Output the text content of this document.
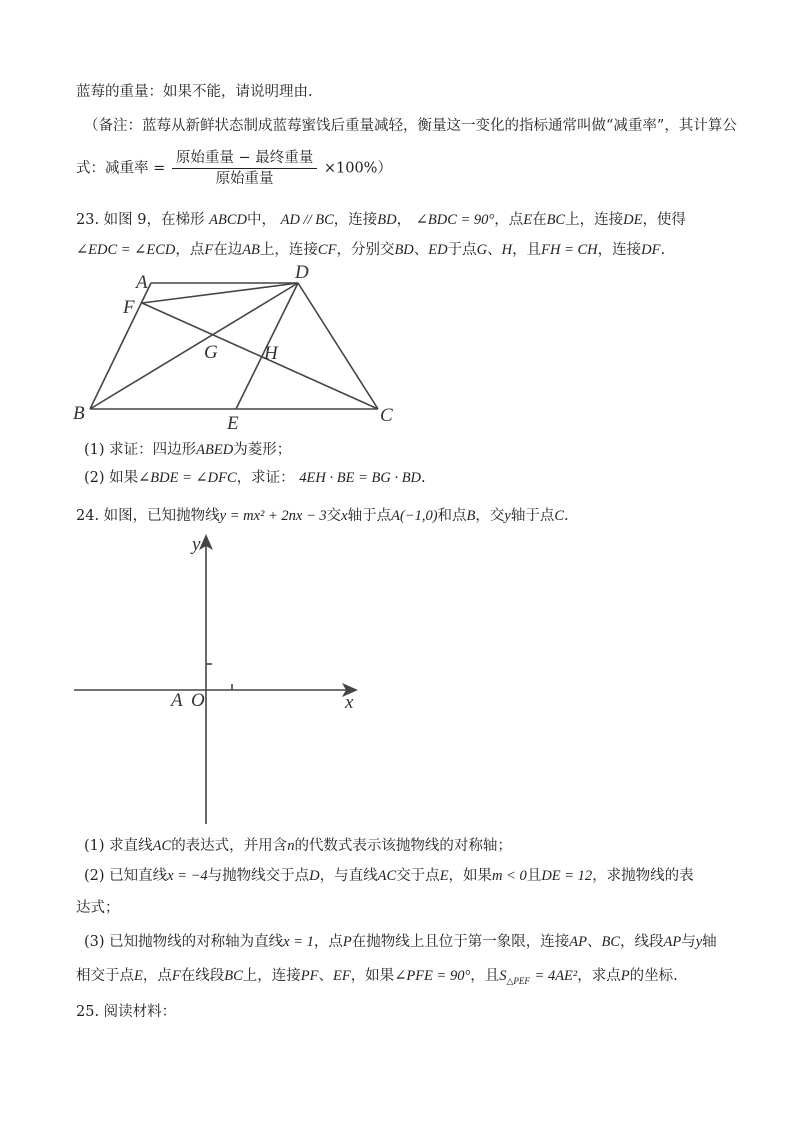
蓝莓的重量：如果不能，请说明理由.
（备注：蓝莓从新鲜状态制成蓝莓蜜饯后重量减轻，衡量这一变化的指标通常叫做“减重率”，其计算公
式：减重率 = $\frac{\text{原始重量 − 最终重量}}{\text{原始重量}} \times 100\%$）
23. 如图 9，在梯形 ABCD中， AD // BC，连接BD， ∠BDC = 90°，点E在BC上，连接DE，使得
∠EDC = ∠ECD，点F在边AB上，连接CF，分别交BD、ED于点G、H，且FH = CH，连接DF.
A	D
F
G H
B	E	C
(1) 求证：四边形ABED为菱形；
(2) 如果∠BDE = ∠DFC，求证： 4EH · BE = BG · BD.
24. 如图，已知抛物线y = mx² + 2nx − 3交x轴于点A(−1,0)和点B，交y轴于点C.
y
x
A O
(1) 求直线AC的表达式，并用含n的代数式表示该抛物线的对称轴；
(2) 已知直线x = −4与抛物线交于点D，与直线AC交于点E，如果m < 0且DE = 12，求抛物线的表
达式；
(3) 已知抛物线的对称轴为直线x = 1，点P在抛物线上且位于第一象限，连接AP、BC，线段AP与y轴
相交于点E，点F在线段BC上，连接PF、EF，如果∠PFE = 90°，且$S_{\triangle PEF} = 4AE^2$，求点P的坐标.
25. 阅读材料：
